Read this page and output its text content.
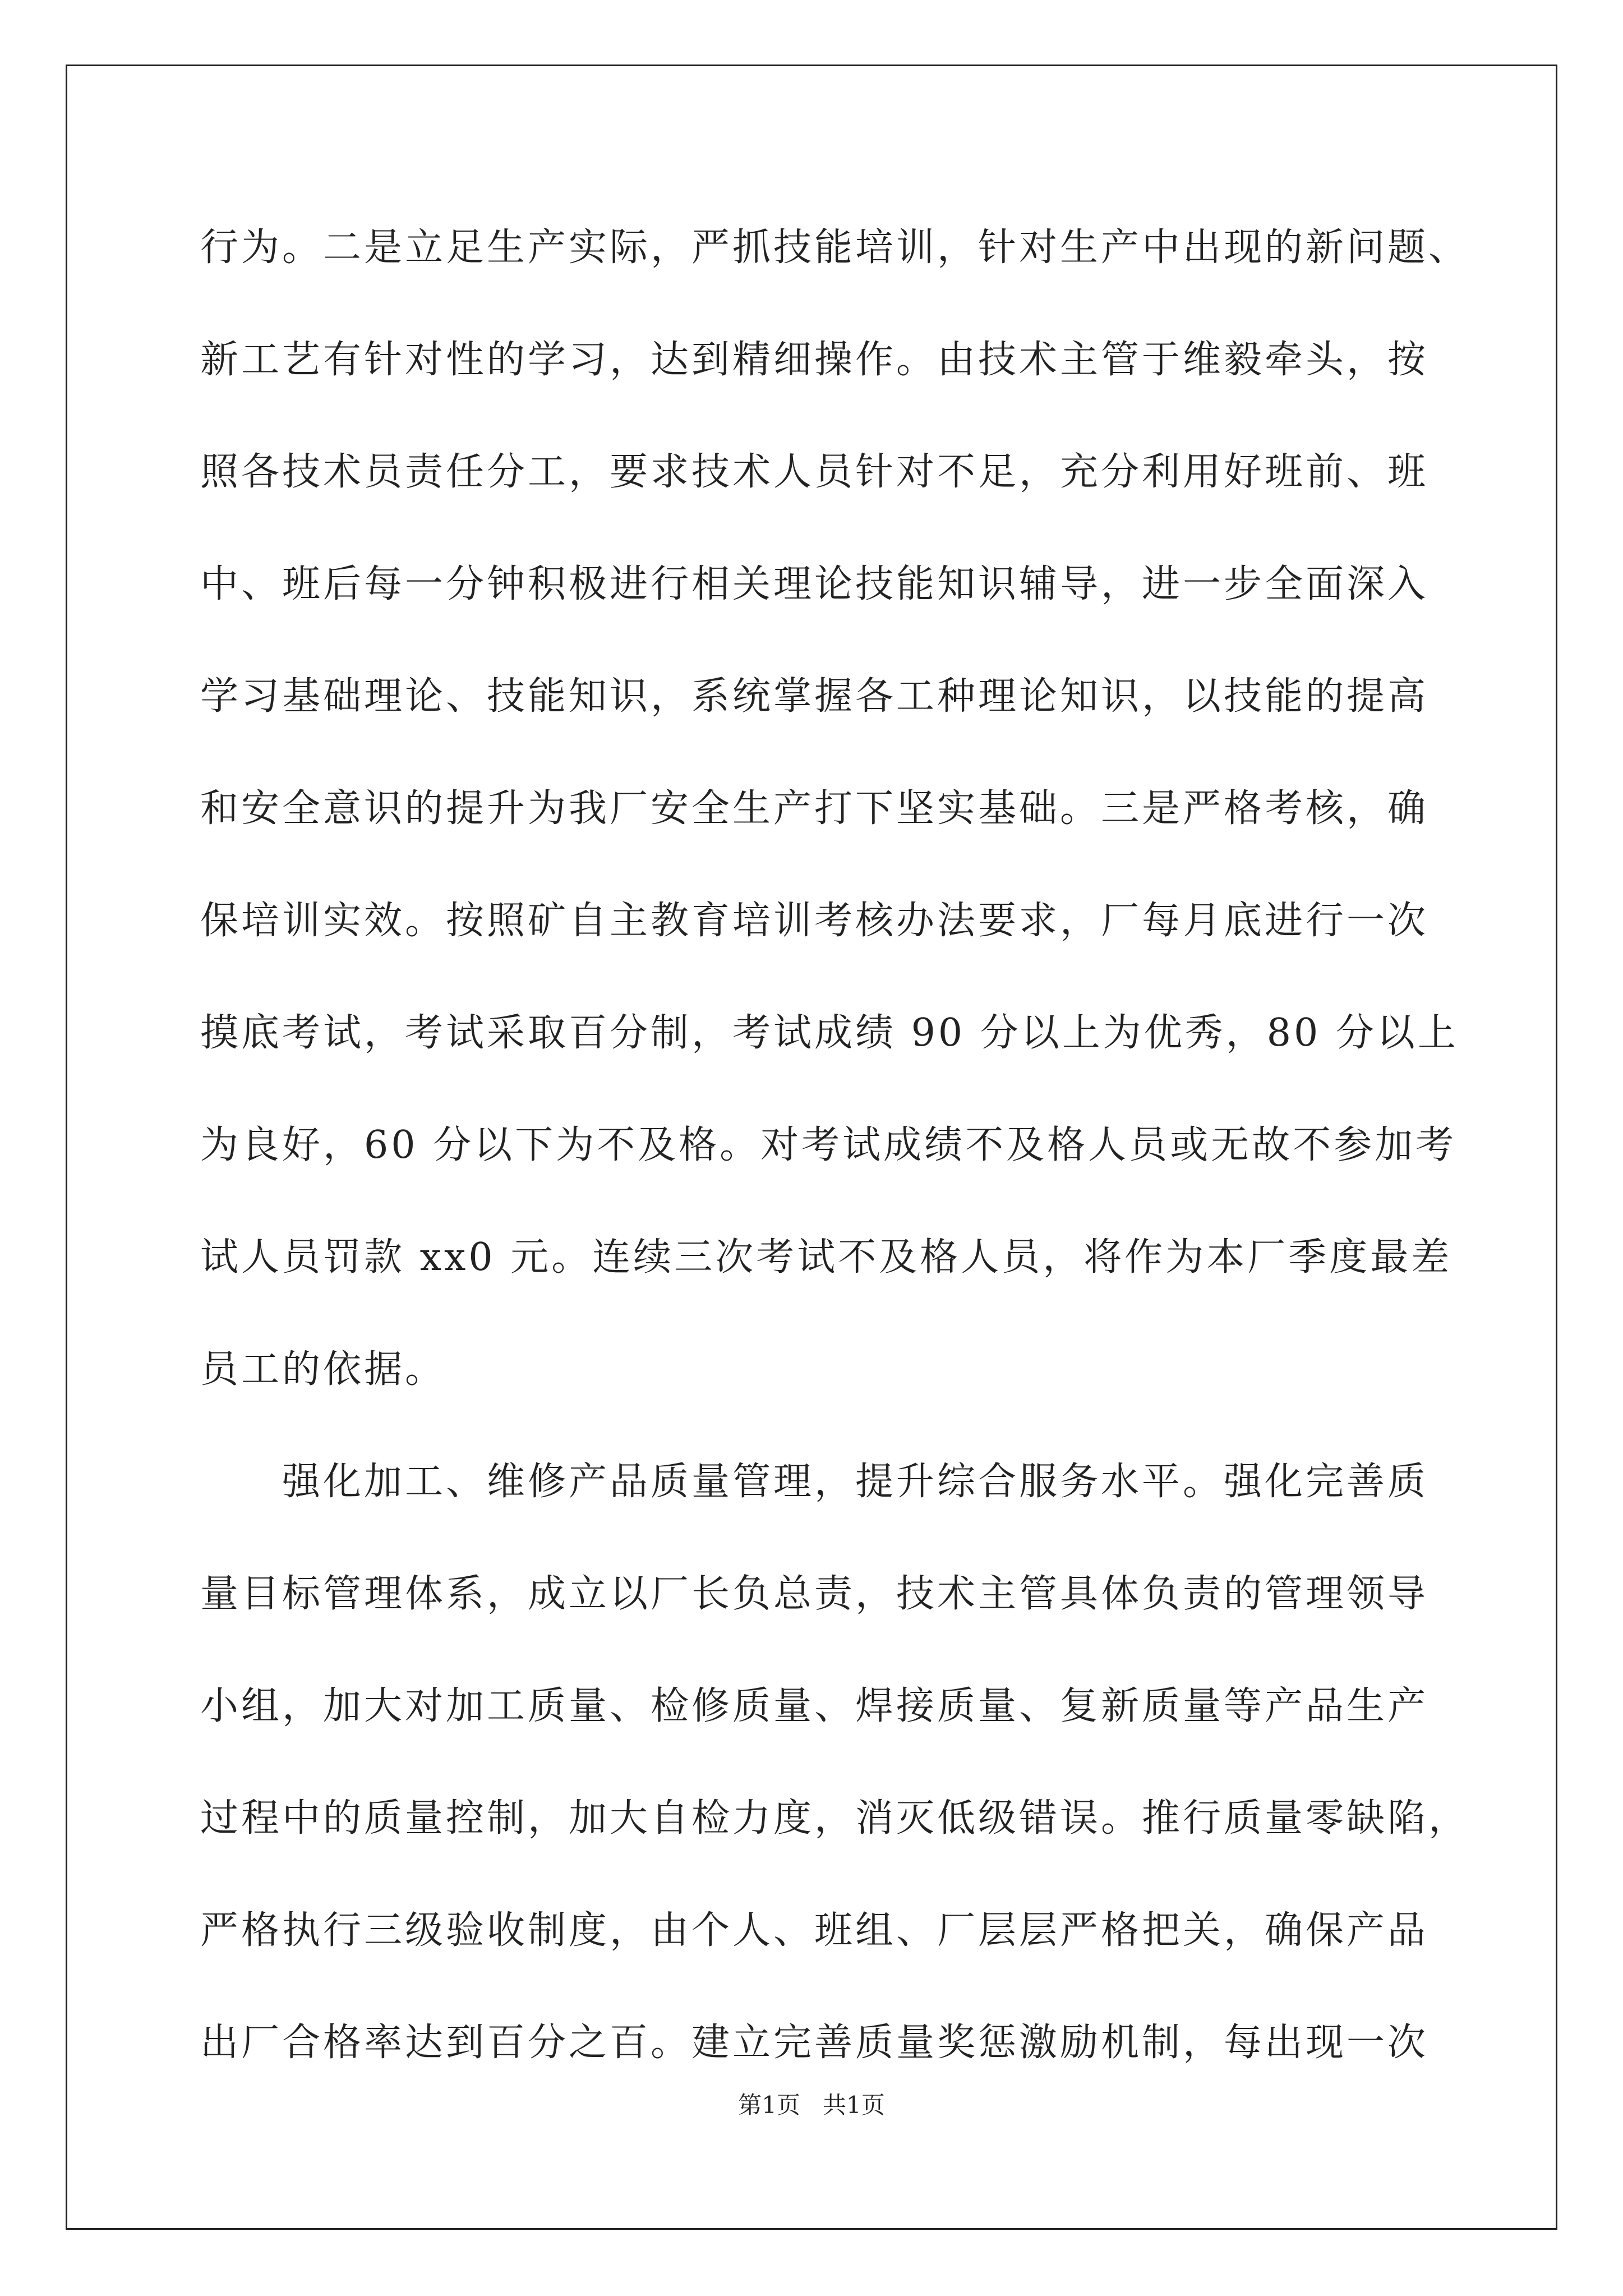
行为。二是立足生产实际，严抓技能培训，针对生产中出现的新问题、
新工艺有针对性的学习，达到精细操作。由技术主管于维毅牵头，按
照各技术员责任分工，要求技术人员针对不足，充分利用好班前、班
中、班后每一分钟积极进行相关理论技能知识辅导，进一步全面深入
学习基础理论、技能知识，系统掌握各工种理论知识，以技能的提高
和安全意识的提升为我厂安全生产打下坚实基础。三是严格考核，确
保培训实效。按照矿自主教育培训考核办法要求，厂每月底进行一次
摸底考试，考试采取百分制，考试成绩 90 分以上为优秀，80 分以上
为良好，60 分以下为不及格。对考试成绩不及格人员或无故不参加考
试人员罚款 xx0 元。连续三次考试不及格人员，将作为本厂季度最差
员工的依据。
强化加工、维修产品质量管理，提升综合服务水平。强化完善质
量目标管理体系，成立以厂长负总责，技术主管具体负责的管理领导
小组，加大对加工质量、检修质量、焊接质量、复新质量等产品生产
过程中的质量控制，加大自检力度，消灭低级错误。推行质量零缺陷，
严格执行三级验收制度，由个人、班组、厂层层严格把关，确保产品
出厂合格率达到百分之百。建立完善质量奖惩激励机制，每出现一次
第1页   共1页
